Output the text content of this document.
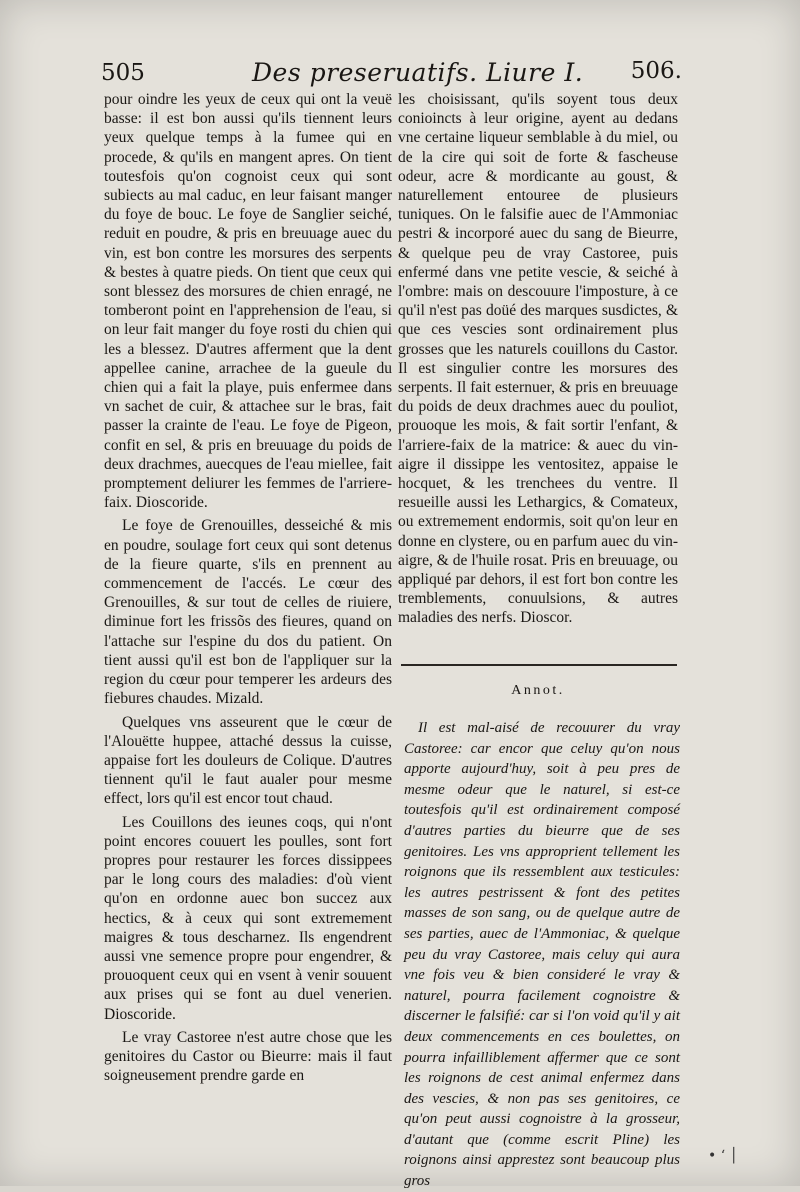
505	Des preseruatifs. Liure I. 506.

pour oindre les yeux de ceux qui ont la veuë basse: il est bon aussi qu'ils tiennent leurs yeux quelque temps à la fumee qui en procede, & qu'ils en mangent apres. On tient toutesfois qu'on cognoist ceux qui sont subiects au mal caduc, en leur faisant manger du foye de bouc. Le foye de Sanglier seiché, reduit en poudre, & pris en breuuage auec du vin, est bon contre les morsures des serpents & bestes à quatre pieds. On tient que ceux qui sont blessez des morsures de chien enragé, ne tomberont point en l'apprehension de l'eau, si on leur fait manger du foye rosti du chien qui les a blessez. D'autres afferment que la dent appellee canine, arrachee de la gueule du chien qui a fait la playe, puis enfermee dans vn sachet de cuir, & attachee sur le bras, fait passer la crainte de l'eau. Le foye de Pigeon, confit en sel, & pris en breuuage du poids de deux drachmes, auecques de l'eau miellee, fait promptement deliurer les femmes de l'arriere-faix. Dioscoride.

Le foye de Grenouilles, desseiché & mis en poudre, soulage fort ceux qui sont detenus de la fieure quarte, s'ils en prennent au commencement de l'accés. Le cœur des Grenouilles, & sur tout de celles de riuiere, diminue fort les frissõs des fieures, quand on l'attache sur l'espine du dos du patient. On tient aussi qu'il est bon de l'appliquer sur la region du cœur pour temperer les ardeurs des fiebures chaudes. Mizald.

Quelques vns asseurent que le cœur de l'Alouëtte huppee, attaché dessus la cuisse, appaise fort les douleurs de Colique. D'autres tiennent qu'il le faut aualer pour mesme effect, lors qu'il est encor tout chaud.

Les Couillons des ieunes coqs, qui n'ont point encores couuert les poulles, sont fort propres pour restaurer les forces dissippees par le long cours des maladies: d'où vient qu'on en ordonne auec bon succez aux hectics, & à ceux qui sont extremement maigres & tous descharnez. Ils engendrent aussi vne semence propre pour engendrer, & prouoquent ceux qui en vsent à venir souuent aux prises qui se font au duel venerien. Dioscoride.

Le vray Castoree n'est autre chose que les genitoires du Castor ou Bieurre: mais il faut soigneusement prendre garde en

les choisissant, qu'ils soyent tous deux conioincts à leur origine, ayent au dedans vne certaine liqueur semblable à du miel, ou de la cire qui soit de forte & fascheuse odeur, acre & mordicante au goust, & naturellement entouree de plusieurs tuniques. On le falsifie auec de l'Ammoniac pestri & incorporé auec du sang de Bieurre, & quelque peu de vray Castoree, puis enfermé dans vne petite vescie, & seiché à l'ombre: mais on descouure l'imposture, à ce qu'il n'est pas doüé des marques susdictes, & que ces vescies sont ordinairement plus grosses que les naturels couillons du Castor. Il est singulier contre les morsures des serpents. Il fait esternuer, & pris en breuuage du poids de deux drachmes auec du pouliot, prouoque les mois, & fait sortir l'enfant, & l'arriere-faix de la matrice: & auec du vin-aigre il dissippe les ventositez, appaise le hocquet, & les trenchees du ventre. Il resueille aussi les Lethargics, & Comateux, ou extremement endormis, soit qu'on leur en donne en clystere, ou en parfum auec du vin-aigre, & de l'huile rosat. Pris en breuuage, ou appliqué par dehors, il est fort bon contre les tremblements, conuulsions, & autres maladies des nerfs. Dioscor.

Annot.

Il est mal-aisé de recouurer du vray Castoree: car encor que celuy qu'on nous apporte aujourd'huy, soit à peu pres de mesme odeur que le naturel, si est-ce toutesfois qu'il est ordinairement composé d'autres parties du bieurre que de ses genitoires. Les vns approprient tellement les roignons que ils ressemblent aux testicules: les autres pestrissent & font des petites masses de son sang, ou de quelque autre de ses parties, auec de l'Ammoniac, & quelque peu du vray Castoree, mais celuy qui aura vne fois veu & bien consideré le vray & naturel, pourra facilement cognoistre & discerner le falsifié: car si l'on void qu'il y ait deux commencements en ces boulettes, on pourra infailliblement affermer que ce sont les roignons de cest animal enfermez dans des vescies, & non pas ses genitoires, ce qu'on peut aussi cognoistre à la grosseur, d'autant que (comme escrit Pline) les roignons ainsi apprestez sont beaucoup plus gros

• ‘ │
